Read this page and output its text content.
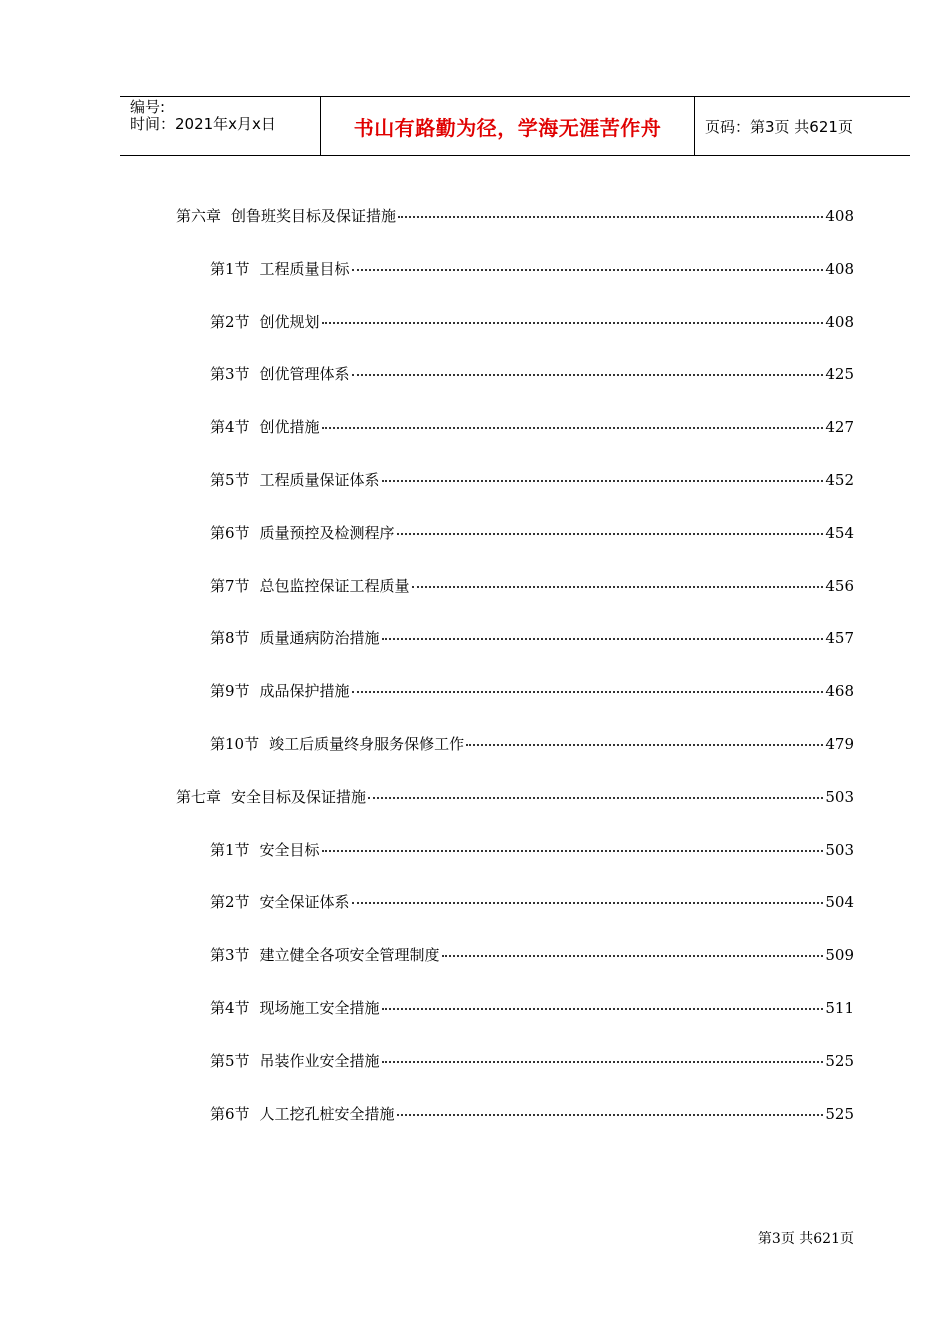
编号:
时间：2021年x月x日	书山有路勤为径，学海无涯苦作舟	页码：第3页 共621页
第六章 创鲁班奖目标及保证措施	408
第1节 工程质量目标	408
第2节 创优规划	408
第3节 创优管理体系	425
第4节 创优措施	427
第5节 工程质量保证体系	452
第6节 质量预控及检测程序	454
第7节 总包监控保证工程质量	456
第8节 质量通病防治措施	457
第9节 成品保护措施	468
第10节 竣工后质量终身服务保修工作	479
第七章 安全目标及保证措施	503
第1节 安全目标	503
第2节 安全保证体系	504
第3节 建立健全各项安全管理制度	509
第4节 现场施工安全措施	511
第5节 吊装作业安全措施	525
第6节 人工挖孔桩安全措施	525
第3页 共621页
